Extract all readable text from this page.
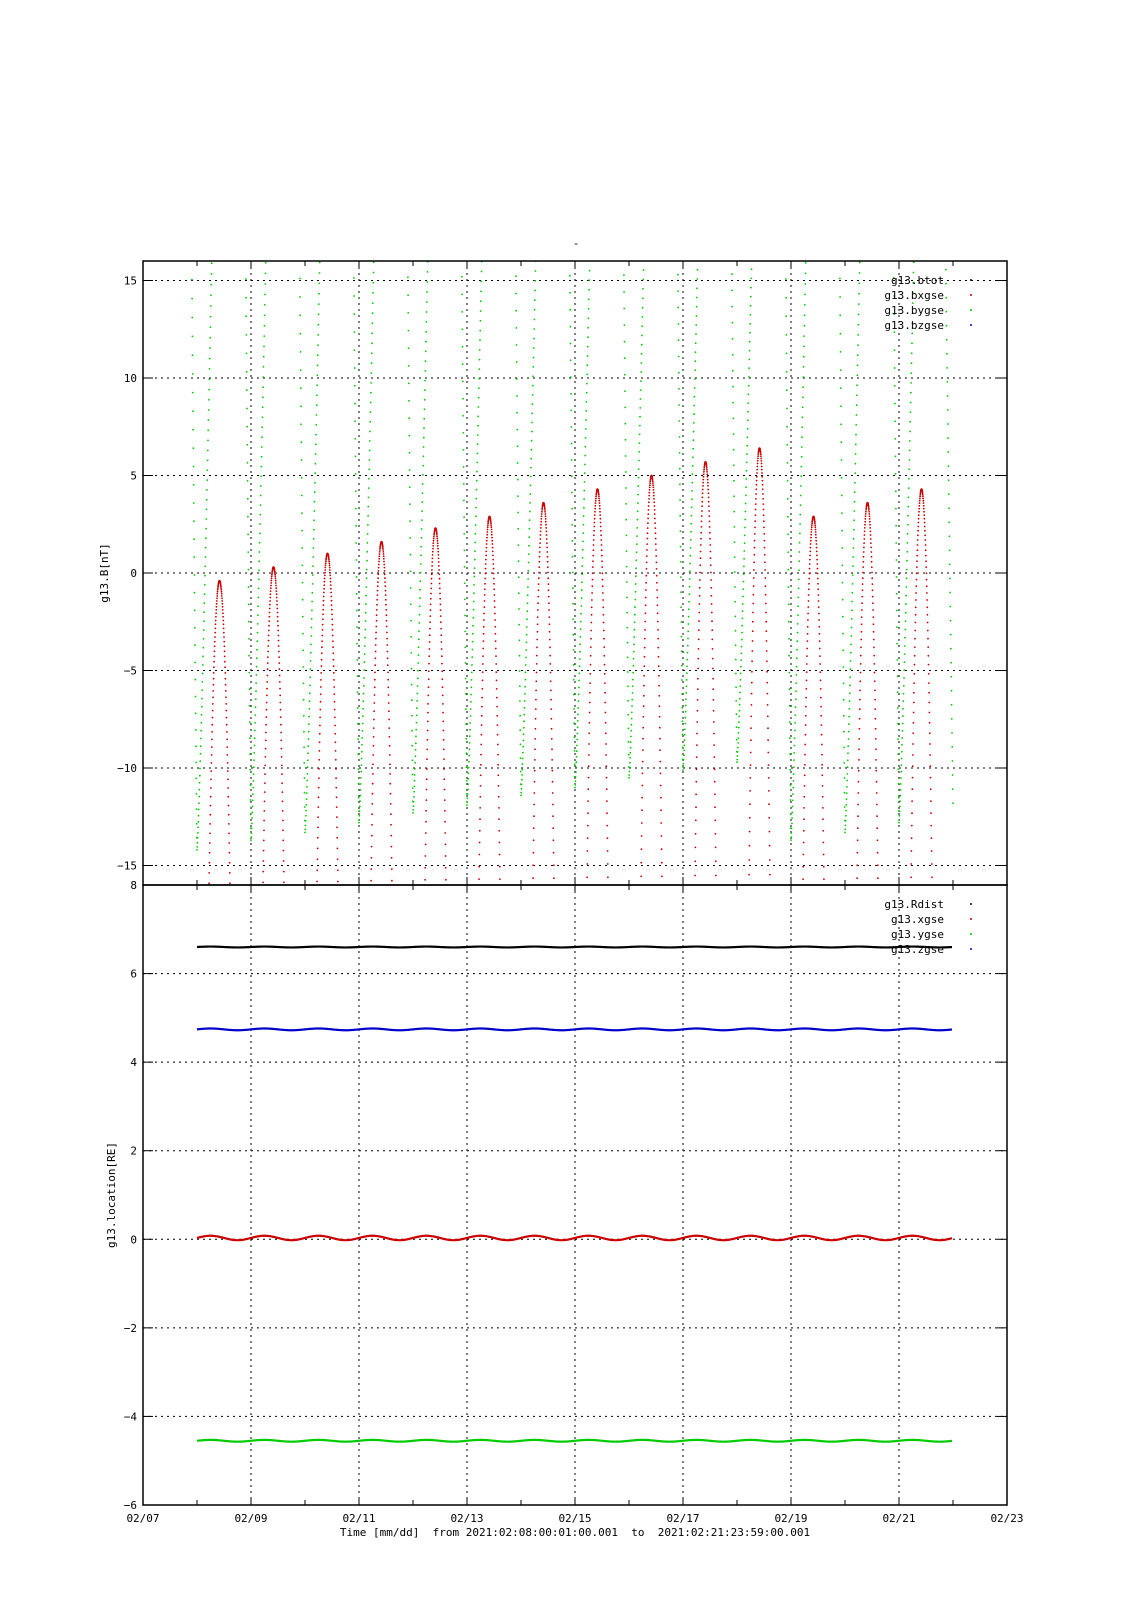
-
−15
−10
−5
0
5
10
15
g13.B[nT]
g13.btot
g13.bxgse
g13.bygse
g13.bzgse
−6
−4
−2
0
2
4
6
8
g13.location[RE]
g13.Rdist
g13.xgse
g13.ygse
g13.zgse
02/07	02/09	02/11	02/13	02/15	02/17	02/19	02/21	02/23
Time [mm/dd]  from 2021:02:08:00:01:00.001  to  2021:02:21:23:59:00.001
